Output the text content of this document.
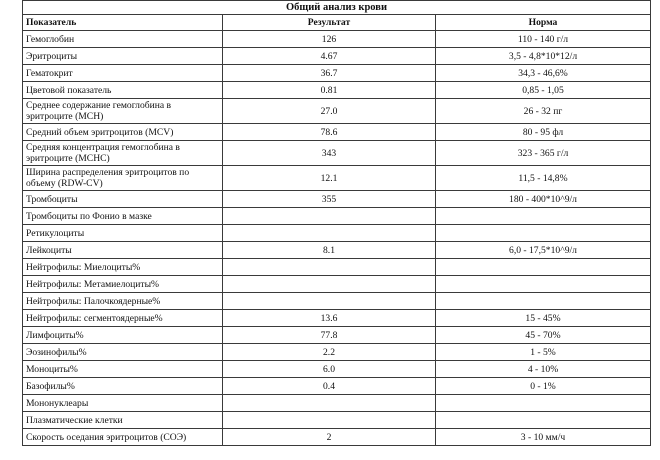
Общий анализ крови		
Показатель	Результат	Норма
Гемоглобин	126	110 - 140 г/л
Эритроциты	4.67	3,5 - 4,8*10*12/л
Гематокрит	36.7	34,3 - 46,6%
Цветовой показатель	0.81	0,85 - 1,05
Среднее содержание гемоглобина в эритроците (MCH)	27.0	26 - 32 пг
Средний объем эритроцитов (MCV)	78.6	80 - 95 фл
Средняя концентрация гемоглобина в эритроците (MCHC)	343	323 - 365 г/л
Ширина распределения эритроцитов по объему (RDW-CV)	12.1	11,5 - 14,8%
Тромбоциты	355	180 - 400*10^9/л
Тромбоциты по Фонио в мазке		
Ретикулоциты		
Лейкоциты	8.1	6,0 - 17,5*10^9/л
Нейтрофилы: Миелоциты%		
Нейтрофилы: Метамиелоциты%		
Нейтрофилы: Палочкоядерные%		
Нейтрофилы: сегментоядерные%	13.6	15 - 45%
Лимфоциты%	77.8	45 - 70%
Эозинофилы%	2.2	1 - 5%
Моноциты%	6.0	4 - 10%
Базофилы%	0.4	0 - 1%
Мононуклеары		
Плазматические клетки		
Скорость оседания эритроцитов (СОЭ)	2	3 - 10 мм/ч
